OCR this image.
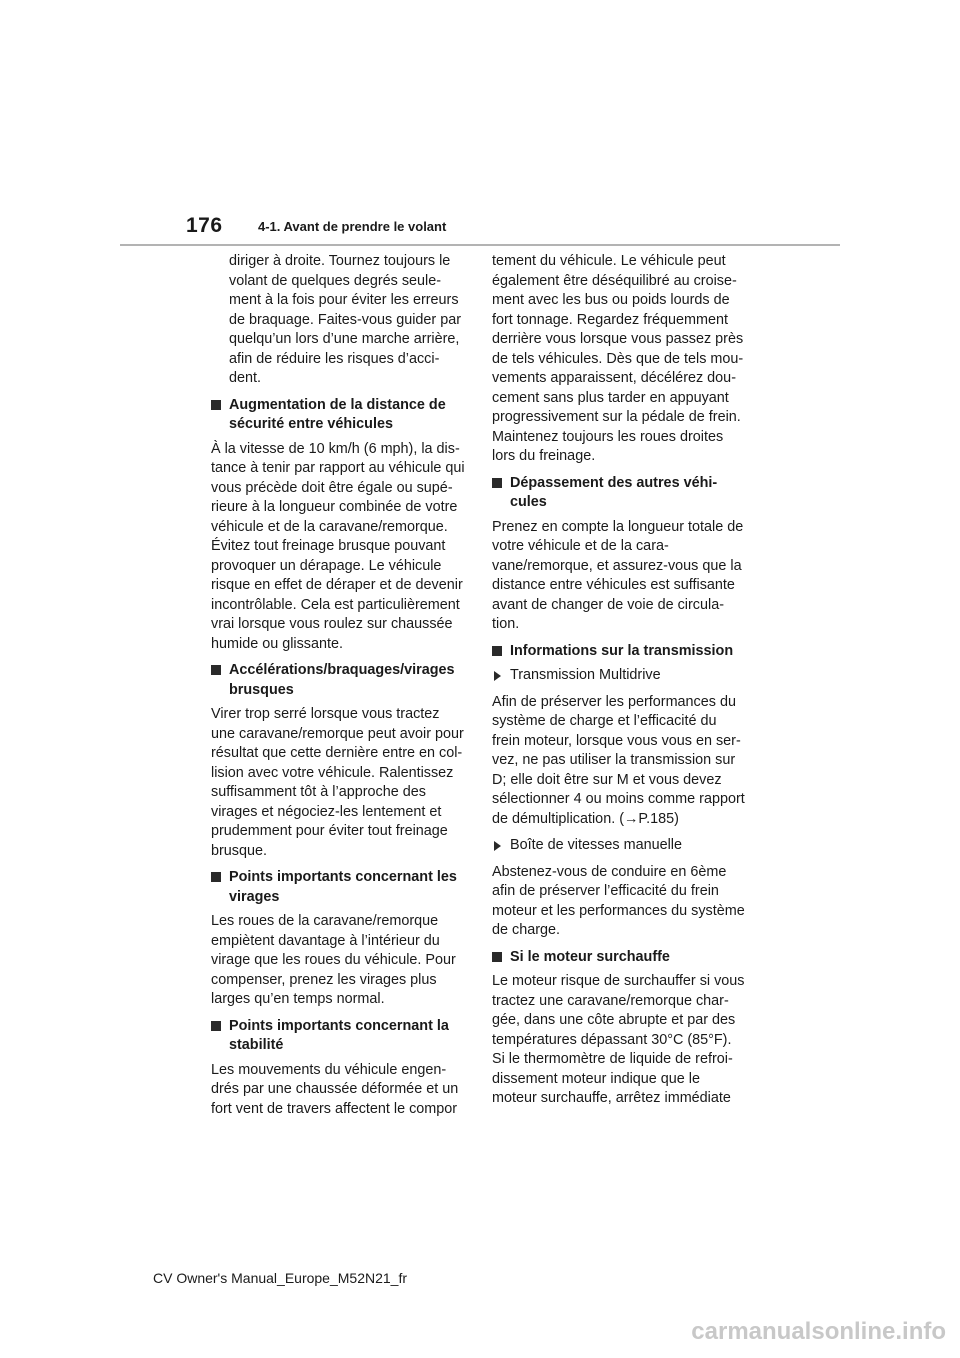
176	4-1. Avant de prendre le volant

diriger à droite. Tournez toujours le volant de quelques degrés seulement à la fois pour éviter les erreurs de braquage. Faites-vous guider par quelqu’un lors d’une marche arrière, afin de réduire les risques d’accident.

Augmentation de la distance de sécurité entre véhicules

À la vitesse de 10 km/h (6 mph), la distance à tenir par rapport au véhicule qui vous précède doit être égale ou supérieure à la longueur combinée de votre véhicule et de la caravane/remorque. Évitez tout freinage brusque pouvant provoquer un dérapage. Le véhicule risque en effet de déraper et de devenir incontrôlable. Cela est particulièrement vrai lorsque vous roulez sur chaussée humide ou glissante.

Accélérations/braquages/virages brusques

Virer trop serré lorsque vous tractez une caravane/remorque peut avoir pour résultat que cette dernière entre en collision avec votre véhicule. Ralentissez suffisamment tôt à l’approche des virages et négociez-les lentement et prudemment pour éviter tout freinage brusque.

Points importants concernant les virages

Les roues de la caravane/remorque empiètent davantage à l’intérieur du virage que les roues du véhicule. Pour compenser, prenez les virages plus larges qu’en temps normal.

Points importants concernant la stabilité

Les mouvements du véhicule engendrés par une chaussée déformée et un fort vent de travers affectent le compor

tement du véhicule. Le véhicule peut également être déséquilibré au croisement avec les bus ou poids lourds de fort tonnage. Regardez fréquemment derrière vous lorsque vous passez près de tels véhicules. Dès que de tels mouvements apparaissent, décélérez doucement sans plus tarder en appuyant progressivement sur la pédale de frein. Maintenez toujours les roues droites lors du freinage.

Dépassement des autres véhicules

Prenez en compte la longueur totale de votre véhicule et de la caravane/remorque, et assurez-vous que la distance entre véhicules est suffisante avant de changer de voie de circulation.

Informations sur la transmission
Transmission Multidrive

Afin de préserver les performances du système de charge et l’efficacité du frein moteur, lorsque vous vous en servez, ne pas utiliser la transmission sur D; elle doit être sur M et vous devez sélectionner 4 ou moins comme rapport de démultiplication. (→P.185)

Boîte de vitesses manuelle

Abstenez-vous de conduire en 6ème afin de préserver l’efficacité du frein moteur et les performances du système de charge.

Si le moteur surchauffe

Le moteur risque de surchauffer si vous tractez une caravane/remorque chargée, dans une côte abrupte et par des températures dépassant 30°C (85°F). Si le thermomètre de liquide de refroidissement moteur indique que le moteur surchauffe, arrêtez immédiate

CV Owner's Manual_Europe_M52N21_fr
carmanualsonline.info
